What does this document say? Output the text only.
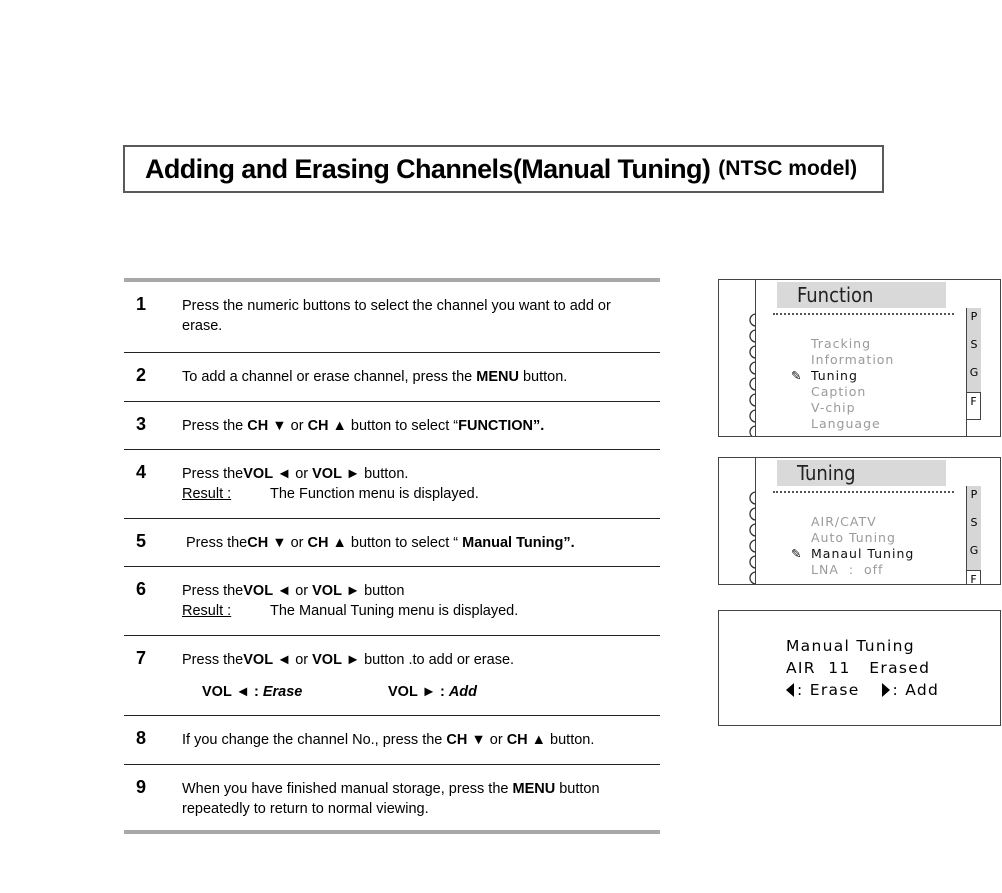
Adding and Erasing Channels(Manual Tuning) (NTSC model)
1 Press the numeric buttons to select the channel you want to add or erase.
2 To add a channel or erase channel, press the MENU button.
3 Press the CH ▼ or CH ▲ button to select “FUNCTION”.
4 Press theVOL ◄ or VOL ► button.
Result :	The Function menu is displayed.
5	Press theCH ▼ or CH ▲ button to select “ Manual Tuning”.
6 Press theVOL ◄ or VOL ► button
Result :	The Manual Tuning menu is displayed.
7 Press theVOL ◄ or VOL ► button .to add or erase.
VOL ◄ : Erase	VOL ► : Add
8 If you change the channel No., press the CH ▼ or CH ▲ button.
9 When you have finished manual storage, press the MENU button repeatedly to return to normal viewing.
Function
Tracking
Information
✎ Tuning
Caption
V-chip
Language
P
S
G
F
Tuning
AIR/CATV
Auto Tuning
✎ Manaul Tuning
LNA  :  off
P
S
G
F
Manual Tuning
AIR  11   Erased
: Erase : Add
